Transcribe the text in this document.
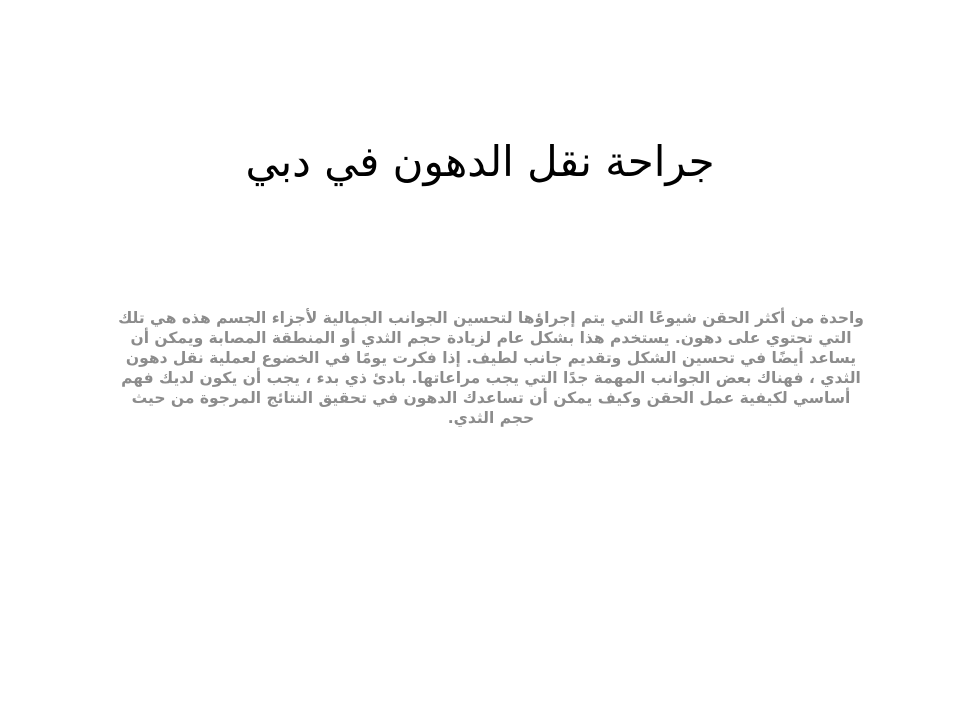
جراحة نقل الدهون في دبي

واحدة من أكثر الحقن شيوعًا التي يتم إجراؤها لتحسين الجوانب الجمالية لأجزاء الجسم هذه هي تلك التي تحتوي على دهون. يستخدم هذا بشكل عام لزيادة حجم الثدي أو المنطقة المصابة ويمكن أن يساعد أيضًا في تحسين الشكل وتقديم جانب لطيف. إذا فكرت يومًا في الخضوع لعملية نقل دهون الثدي ، فهناك بعض الجوانب المهمة جدًا التي يجب مراعاتها. بادئ ذي بدء ، يجب أن يكون لديك فهم أساسي لكيفية عمل الحقن وكيف يمكن أن تساعدك الدهون في تحقيق النتائج المرجوة من حيث حجم الثدي.
